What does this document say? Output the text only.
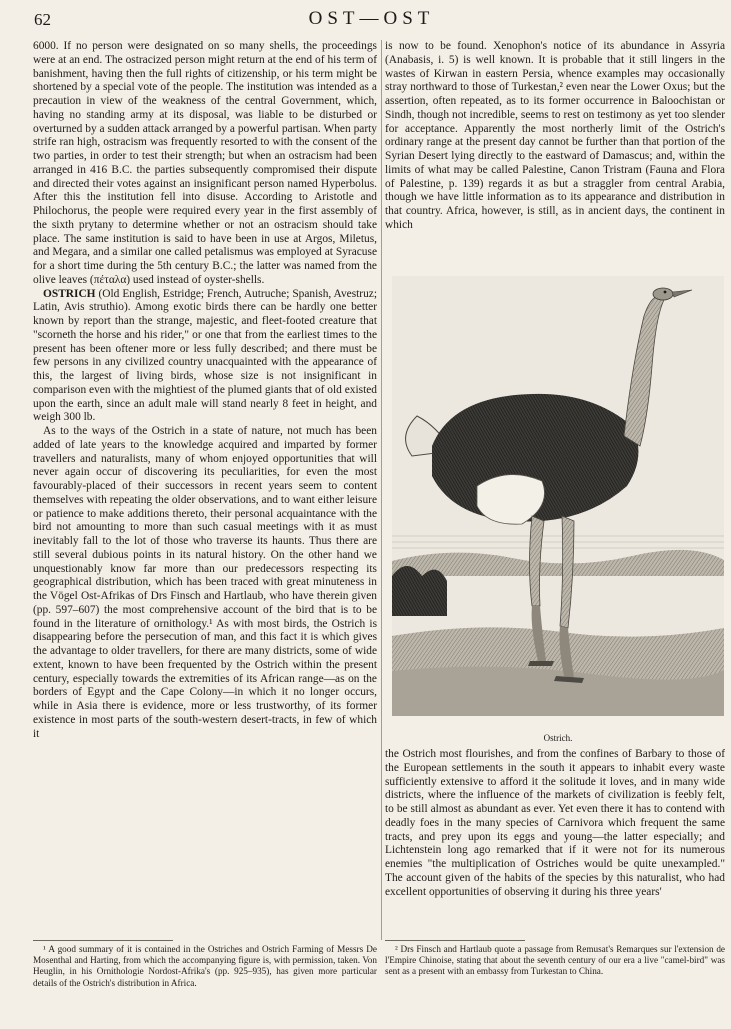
62	OST—OST

6000. If no person were designated on so many shells, the proceedings were at an end. The ostracized person might return at the end of his term of banishment, having then the full rights of citizenship, or his term might be shortened by a special vote of the people. The institution was intended as a precaution in view of the weakness of the central Government, which, having no standing army at its disposal, was liable to be disturbed or overturned by a sudden attack arranged by a powerful partisan. When party strife ran high, ostracism was frequently resorted to with the consent of the two parties, in order to test their strength; but when an ostracism had been arranged in 416 B.C. the parties subsequently compromised their dispute and directed their votes against an insignificant person named Hyperbolus. After this the institution fell into disuse. According to Aristotle and Philochorus, the people were required every year in the first assembly of the sixth prytany to determine whether or not an ostracism should take place. The same institution is said to have been in use at Argos, Miletus, and Megara, and a similar one called petalismus was employed at Syracuse for a short time during the 5th century B.C.; the latter was named from the olive leaves (πέταλα) used instead of oyster-shells.

OSTRICH (Old English, Estridge; French, Autruche; Spanish, Avestruz; Latin, Avis struthio). Among exotic birds there can be hardly one better known by report than the strange, majestic, and fleet-footed creature that "scorneth the horse and his rider," or one that from the earliest times to the present has been oftener more or less fully described; and there must be few persons in any civilized country unacquainted with the appearance of this, the largest of living birds, whose size is not insignificant in comparison even with the mightiest of the plumed giants that of old existed upon the earth, since an adult male will stand nearly 8 feet in height, and weigh 300 lb.

As to the ways of the Ostrich in a state of nature, not much has been added of late years to the knowledge acquired and imparted by former travellers and naturalists, many of whom enjoyed opportunities that will never again occur of discovering its peculiarities, for even the most favourably-placed of their successors in recent years seem to content themselves with repeating the older observations, and to want either leisure or patience to make additions thereto, their personal acquaintance with the bird not amounting to more than such casual meetings with it as must inevitably fall to the lot of those who traverse its haunts. Thus there are still several dubious points in its natural history. On the other hand we unquestionably know far more than our predecessors respecting its geographical distribution, which has been traced with great minuteness in the Vögel Ost-Afrikas of Drs Finsch and Hartlaub, who have therein given (pp. 597–607) the most comprehensive account of the bird that is to be found in the literature of ornithology.¹ As with most birds, the Ostrich is disappearing before the persecution of man, and this fact it is which gives the advantage to older travellers, for there are many districts, some of wide extent, known to have been frequented by the Ostrich within the present century, especially towards the extremities of its African range—as on the borders of Egypt and the Cape Colony—in which it no longer occurs, while in Asia there is evidence, more or less trustworthy, of its former existence in most parts of the south-western desert-tracts, in few of which it

is now to be found. Xenophon's notice of its abundance in Assyria (Anabasis, i. 5) is well known. It is probable that it still lingers in the wastes of Kirwan in eastern Persia, whence examples may occasionally stray northward to those of Turkestan,² even near the Lower Oxus; but the assertion, often repeated, as to its former occurrence in Baloochistan or Sindh, though not incredible, seems to rest on testimony as yet too slender for acceptance. Apparently the most northerly limit of the Ostrich's ordinary range at the present day cannot be further than that portion of the Syrian Desert lying directly to the eastward of Damascus; and, within the limits of what may be called Palestine, Canon Tristram (Fauna and Flora of Palestine, p. 139) regards it as but a straggler from central Arabia, though we have little information as to its appearance and distribution in that country. Africa, however, is still, as in ancient days, the continent in which

Ostrich.

the Ostrich most flourishes, and from the confines of Barbary to those of the European settlements in the south it appears to inhabit every waste sufficiently extensive to afford it the solitude it loves, and in many wide districts, where the influence of the markets of civilization is feebly felt, to be still almost as abundant as ever. Yet even there it has to contend with deadly foes in the many species of Carnivora which frequent the same tracts, and prey upon its eggs and young—the latter especially; and Lichtenstein long ago remarked that if it were not for its numerous enemies "the multiplication of Ostriches would be quite unexampled." The account given of the habits of the species by this naturalist, who had excellent opportunities of observing it during his three years'

¹ A good summary of it is contained in the Ostriches and Ostrich Farming of Messrs De Mosenthal and Harting, from which the accompanying figure is, with permission, taken. Von Heuglin, in his Ornithologie Nordost-Afrika's (pp. 925–935), has given more particular details of the Ostrich's distribution in Africa.

² Drs Finsch and Hartlaub quote a passage from Remusat's Remarques sur l'extension de l'Empire Chinoise, stating that about the seventh century of our era a live "camel-bird" was sent as a present with an embassy from Turkestan to China.
